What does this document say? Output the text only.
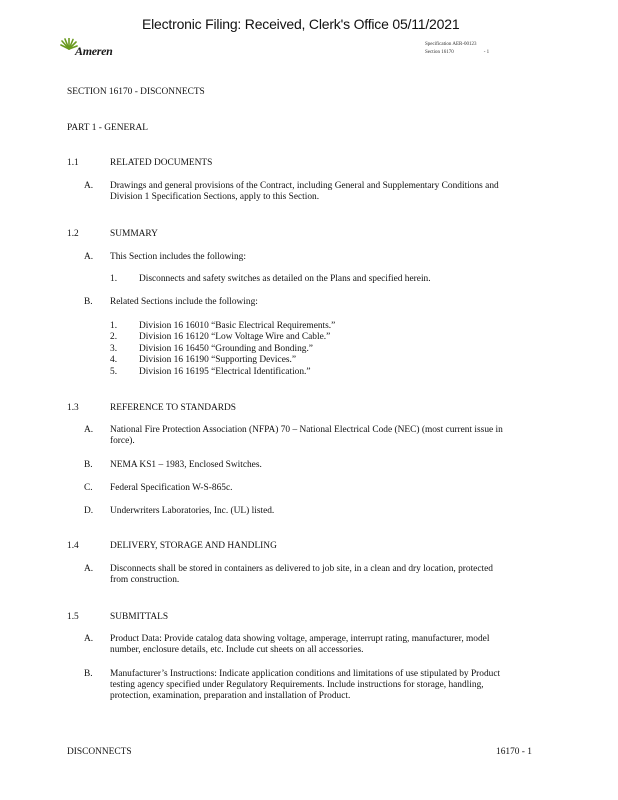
Electronic Filing: Received, Clerk's Office 05/11/2021
Ameren	Specification AER-00123
Section 16170	- 1
SECTION 16170 - DISCONNECTS
PART 1 - GENERAL
1.1	RELATED DOCUMENTS
A. Drawings and general provisions of the Contract, including General and Supplementary Conditions and
Division 1 Specification Sections, apply to this Section.
1.2	SUMMARY
A. This Section includes the following:
1. Disconnects and safety switches as detailed on the Plans and specified herein.
B. Related Sections include the following:
1. Division 16 16010 “Basic Electrical Requirements.”
2. Division 16 16120 “Low Voltage Wire and Cable.”
3. Division 16 16450 “Grounding and Bonding.”
4. Division 16 16190 “Supporting Devices.”
5. Division 16 16195 “Electrical Identification.”
1.3	REFERENCE TO STANDARDS
A. National Fire Protection Association (NFPA) 70 – National Electrical Code (NEC) (most current issue in
force).
B. NEMA KS1 – 1983, Enclosed Switches.
C. Federal Specification W-S-865c.
D. Underwriters Laboratories, Inc. (UL) listed.
1.4	DELIVERY, STORAGE AND HANDLING
A. Disconnects shall be stored in containers as delivered to job site, in a clean and dry location, protected
from construction.
1.5	SUBMITTALS
A. Product Data: Provide catalog data showing voltage, amperage, interrupt rating, manufacturer, model
number, enclosure details, etc. Include cut sheets on all accessories.
B. Manufacturer’s Instructions: Indicate application conditions and limitations of use stipulated by Product
testing agency specified under Regulatory Requirements. Include instructions for storage, handling,
protection, examination, preparation and installation of Product.
DISCONNECTS	16170 - 1
